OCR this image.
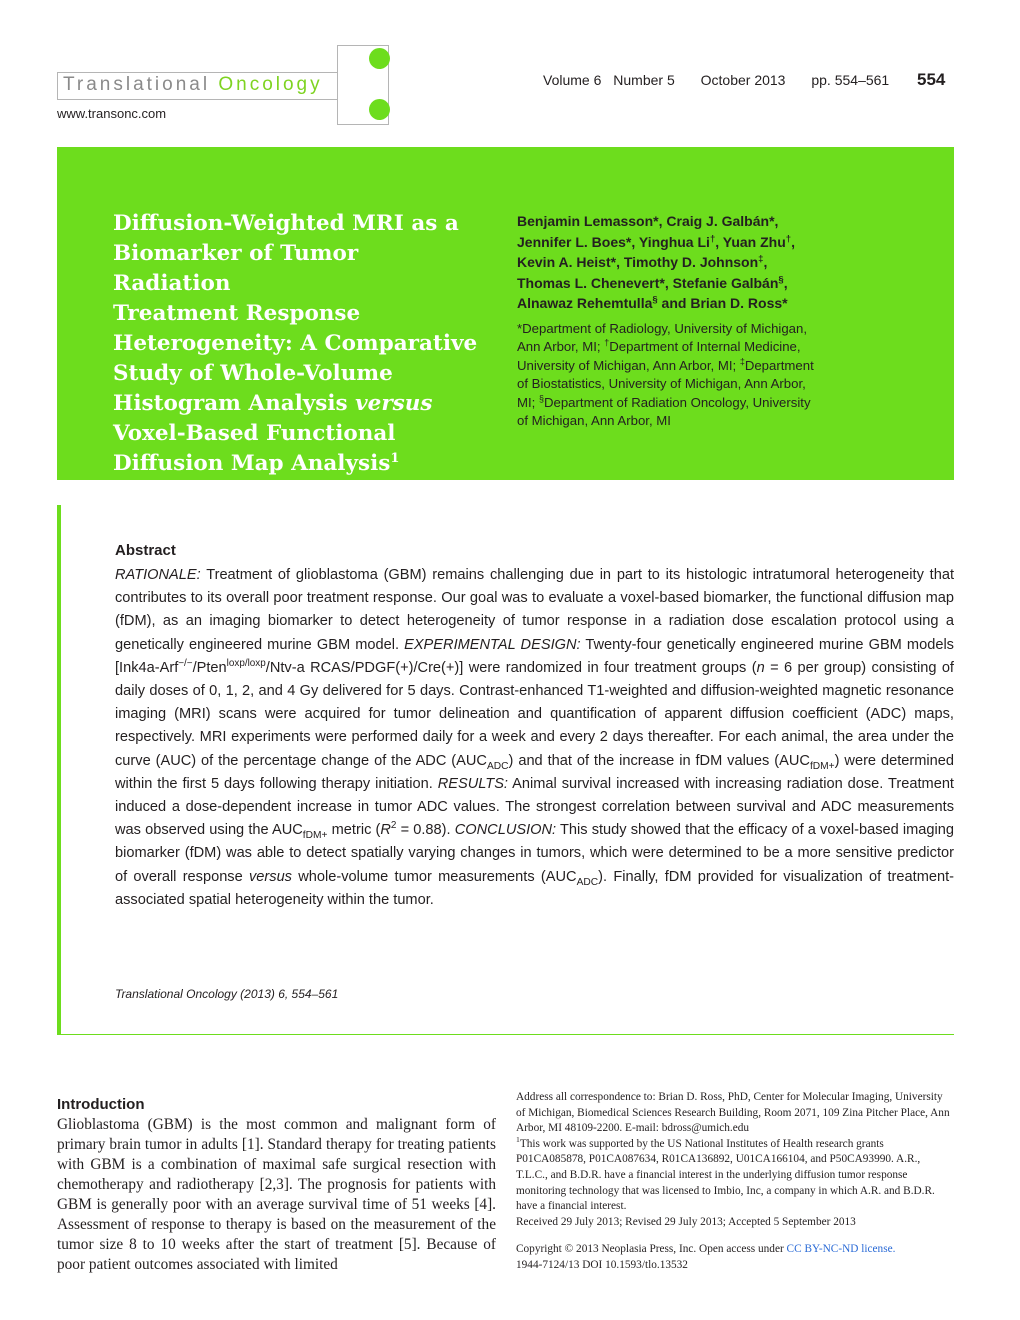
Translational Oncology
www.transonc.com
Volume 6 Number 5 October 2013 pp. 554–561	554
Diffusion-Weighted MRI as a
Biomarker of Tumor Radiation
Treatment Response
Heterogeneity: A Comparative
Study of Whole-Volume
Histogram Analysis versus
Voxel-Based Functional
Diffusion Map Analysis$^1$
Benjamin Lemasson*, Craig J. Galbán*,
Jennifer L. Boes*, Yinghua Li†, Yuan Zhu†,
Kevin A. Heist*, Timothy D. Johnson‡,
Thomas L. Chenevert*, Stefanie Galbán§,
Alnawaz Rehemtulla§ and Brian D. Ross*
*Department of Radiology, University of Michigan,
Ann Arbor, MI; †Department of Internal Medicine,
University of Michigan, Ann Arbor, MI; ‡Department
of Biostatistics, University of Michigan, Ann Arbor,
MI; §Department of Radiation Oncology, University
of Michigan, Ann Arbor, MI
Abstract
RATIONALE: Treatment of glioblastoma (GBM) remains challenging due in part to its histologic intratumoral heterogeneity that contributes to its overall poor treatment response. Our goal was to evaluate a voxel-based biomarker, the functional diffusion map (fDM), as an imaging biomarker to detect heterogeneity of tumor response in a radiation dose escalation protocol using a genetically engineered murine GBM model. EXPERIMENTAL DESIGN: Twenty-four genetically engineered murine GBM models [Ink4a-Arf−/−/Pten$^{loxp/loxp}$/Ntv-a RCAS/PDGF(+)/Cre(+)] were randomized in four treatment groups (n = 6 per group) consisting of daily doses of 0, 1, 2, and 4 Gy delivered for 5 days. Contrast-enhanced T1-weighted and diffusion-weighted magnetic resonance imaging (MRI) scans were acquired for tumor delineation and quantification of apparent diffusion coefficient (ADC) maps, respectively. MRI experiments were performed daily for a week and every 2 days thereafter. For each animal, the area under the curve (AUC) of the percentage change of the ADC $(AUC_{ADC})$ and that of the increase in fDM values $(AUC_{fDM+})$ were determined within the first 5 days following therapy initiation. RESULTS: Animal survival increased with increasing radiation dose. Treatment induced a dose-dependent increase in tumor ADC values. The strongest correlation between survival and ADC measurements was observed using the $AUC_{fDM+}$ metric $(R^2 = 0.88)$. CONCLUSION: This study showed that the efficacy of a voxel-based imaging biomarker (fDM) was able to detect spatially varying changes in tumors, which were determined to be a more sensitive predictor of overall response versus whole-volume tumor measurements $(AUC_{ADC})$. Finally, fDM provided for visualization of treatment-associated spatial heterogeneity within the tumor.
Translational Oncology (2013) 6, 554–561
Introduction
Glioblastoma (GBM) is the most common and malignant form of primary brain tumor in adults [1]. Standard therapy for treating patients with GBM is a combination of maximal safe surgical resection with chemotherapy and radiotherapy [2,3]. The prognosis for patients with GBM is generally poor with an average survival time of 51 weeks [4]. Assessment of response to therapy is based on the measurement of the tumor size 8 to 10 weeks after the start of treatment [5]. Because of poor patient outcomes associated with limited

Address all correspondence to: Brian D. Ross, PhD, Center for Molecular Imaging, University of Michigan, Biomedical Sciences Research Building, Room 2071, 109 Zina Pitcher Place, Ann Arbor, MI 48109-2200. E-mail: bdross@umich.edu

$^1$This work was supported by the US National Institutes of Health research grants P01CA085878, P01CA087634, R01CA136892, U01CA166104, and P50CA93990. A.R., T.L.C., and B.D.R. have a financial interest in the underlying diffusion tumor response monitoring technology that was licensed to Imbio, Inc, a company in which A.R. and B.D.R. have a financial interest.

Received 29 July 2013; Revised 29 July 2013; Accepted 5 September 2013

Copyright © 2013 Neoplasia Press, Inc. Open access under CC BY-NC-ND license.
1944-7124/13 DOI 10.1593/tlo.13532
